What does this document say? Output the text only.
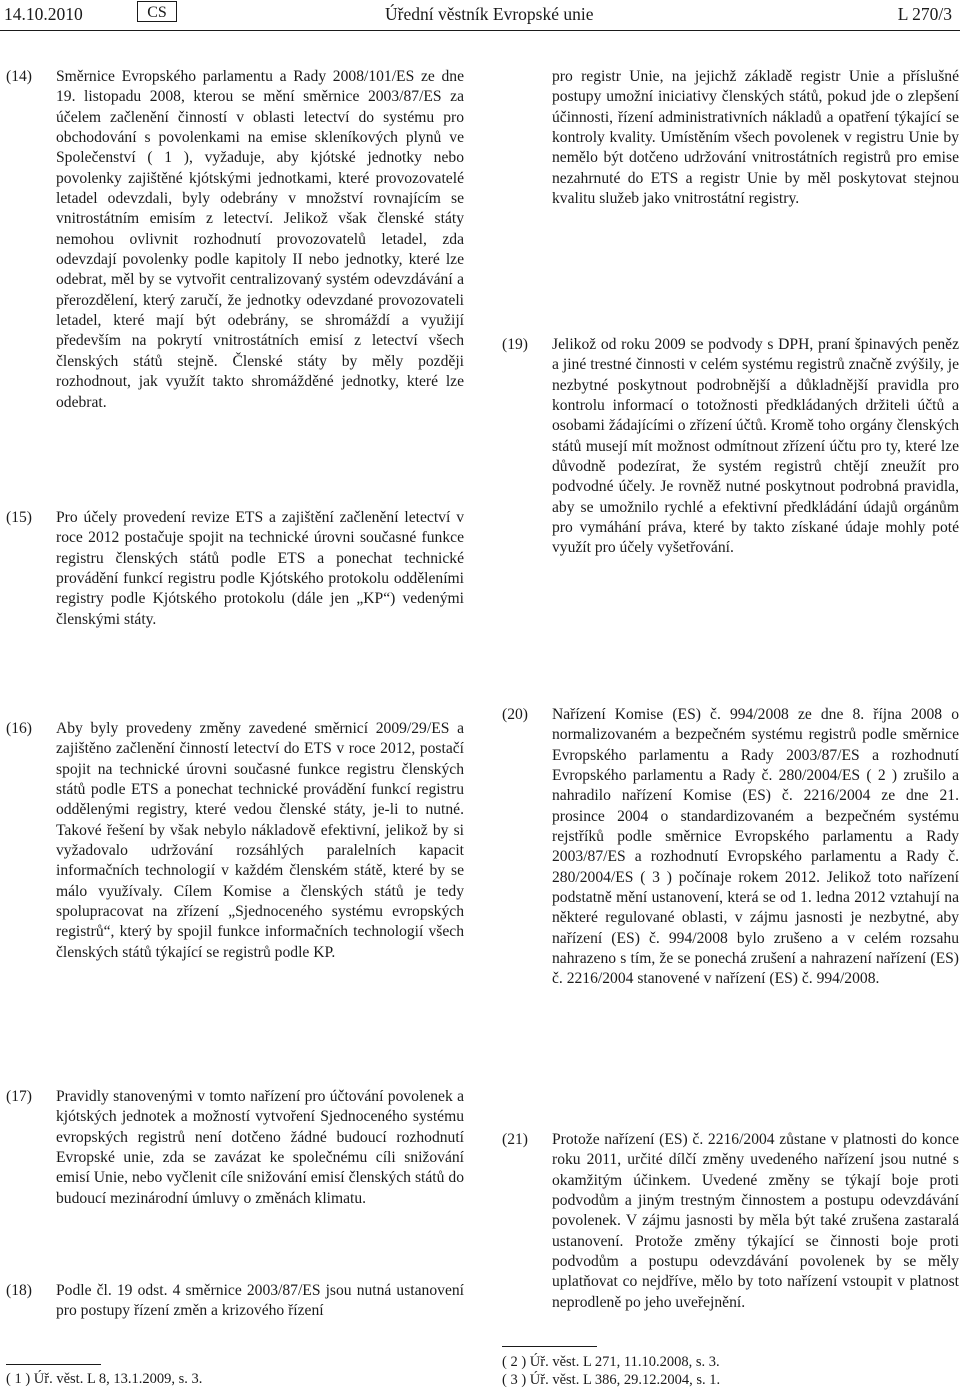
14.10.2010	CS	Úřední věstník Evropské unie	L 270/3
(14) Směrnice Evropského parlamentu a Rady 2008/101/ES ze dne 19. listopadu 2008, kterou se mění směrnice 2003/87/ES za účelem začlenění činností v oblasti letectví do systému pro obchodování s povolenkami na emise skleníkových plynů ve Společenství ( 1 ), vyžaduje, aby kjótské jednotky nebo povolenky zajištěné kjótskými jednotkami, které provozovatelé letadel odevzdali, byly odebrány v množství rovnajícím se vnitrostátním emisím z letectví. Jelikož však členské státy nemohou ovlivnit rozhodnutí provozovatelů letadel, zda odevzdají povolenky podle kapitoly II nebo jednotky, které lze odebrat, měl by se vytvořit centralizovaný systém odevzdávání a přerozdělení, který zaručí, že jednotky odevzdané provozovateli letadel, které mají být odebrány, se shromáždí a využijí především na pokrytí vnitrostátních emisí z letectví všech členských států stejně. Členské státy by měly později rozhodnout, jak využít takto shromážděné jednotky, které lze odebrat.
(15) Pro účely provedení revize ETS a zajištění začlenění letectví v roce 2012 postačuje spojit na technické úrovni současné funkce registru členských států podle ETS a ponechat technické provádění funkcí registru podle Kjótského protokolu odděleními registry podle Kjótského protokolu (dále jen „KP“) vedenými členskými státy.
(16) Aby byly provedeny změny zavedené směrnicí 2009/29/ES a zajištěno začlenění činností letectví do ETS v roce 2012, postačí spojit na technické úrovni současné funkce registru členských států podle ETS a ponechat technické provádění funkcí registru oddělenými registry, které vedou členské státy, je-li to nutné. Takové řešení by však nebylo nákladově efektivní, jelikož by si vyžadovalo udržování rozsáhlých paralelních kapacit informačních technologií v každém členském státě, které by se málo využívaly. Cílem Komise a členských států je tedy spolupracovat na zřízení „Sjednoceného systému evropských registrů“, který by spojil funkce informačních technologií všech členských států týkající se registrů podle KP.
(17) Pravidly stanovenými v tomto nařízení pro účtování povolenek a kjótských jednotek a možností vytvoření Sjednoceného systému evropských registrů není dotčeno žádné budoucí rozhodnutí Evropské unie, zda se zavázat ke společnému cíli snižování emisí Unie, nebo vyčlenit cíle snižování emisí členských států do budoucí mezinárodní úmluvy o změnách klimatu.
(18) Podle čl. 19 odst. 4 směrnice 2003/87/ES jsou nutná ustanovení pro postupy řízení změn a krizového řízení
( 1 ) Úř. věst. L 8, 13.1.2009, s. 3.
pro registr Unie, na jejichž základě registr Unie a příslušné postupy umožní iniciativy členských států, pokud jde o zlepšení účinnosti, řízení administrativních nákladů a opatření týkající se kontroly kvality. Umístěním všech povolenek v registru Unie by nemělo být dotčeno udržování vnitrostátních registrů pro emise nezahrnuté do ETS a registr Unie by měl poskytovat stejnou kvalitu služeb jako vnitrostátní registry.
(19) Jelikož od roku 2009 se podvody s DPH, praní špinavých peněz a jiné trestné činnosti v celém systému registrů značně zvýšily, je nezbytné poskytnout podrobnější a důkladnější pravidla pro kontrolu informací o totožnosti předkládaných držiteli účtů a osobami žádajícími o zřízení účtů. Kromě toho orgány členských států musejí mít možnost odmítnout zřízení účtu pro ty, které lze důvodně podezírat, že systém registrů chtějí zneužít pro podvodné účely. Je rovněž nutné poskytnout podrobná pravidla, aby se umožnilo rychlé a efektivní předkládání údajů orgánům pro vymáhání práva, které by takto získané údaje mohly poté využít pro účely vyšetřování.
(20) Nařízení Komise (ES) č. 994/2008 ze dne 8. října 2008 o normalizovaném a bezpečném systému registrů podle směrnice Evropského parlamentu a Rady 2003/87/ES a rozhodnutí Evropského parlamentu a Rady č. 280/2004/ES ( 2 ) zrušilo a nahradilo nařízení Komise (ES) č. 2216/2004 ze dne 21. prosince 2004 o standardizovaném a bezpečném systému rejstříků podle směrnice Evropského parlamentu a Rady 2003/87/ES a rozhodnutí Evropského parlamentu a Rady č. 280/2004/ES ( 3 ) počínaje rokem 2012. Jelikož toto nařízení podstatně mění ustanovení, která se od 1. ledna 2012 vztahují na některé regulované oblasti, v zájmu jasnosti je nezbytné, aby nařízení (ES) č. 994/2008 bylo zrušeno a v celém rozsahu nahrazeno s tím, že se ponechá zrušení a nahrazení nařízení (ES) č. 2216/2004 stanovené v nařízení (ES) č. 994/2008.
(21) Protože nařízení (ES) č. 2216/2004 zůstane v platnosti do konce roku 2011, určité dílčí změny uvedeného nařízení jsou nutné s okamžitým účinkem. Uvedené změny se týkají boje proti podvodům a jiným trestným činnostem a postupu odevzdávání povolenek. V zájmu jasnosti by měla být také zrušena zastaralá ustanovení. Protože změny týkající se činnosti boje proti podvodům a postupu odevzdávání povolenek by se měly uplatňovat co nejdříve, mělo by toto nařízení vstoupit v platnost neprodleně po jeho uveřejnění.
( 2 ) Úř. věst. L 271, 11.10.2008, s. 3.
( 3 ) Úř. věst. L 386, 29.12.2004, s. 1.
